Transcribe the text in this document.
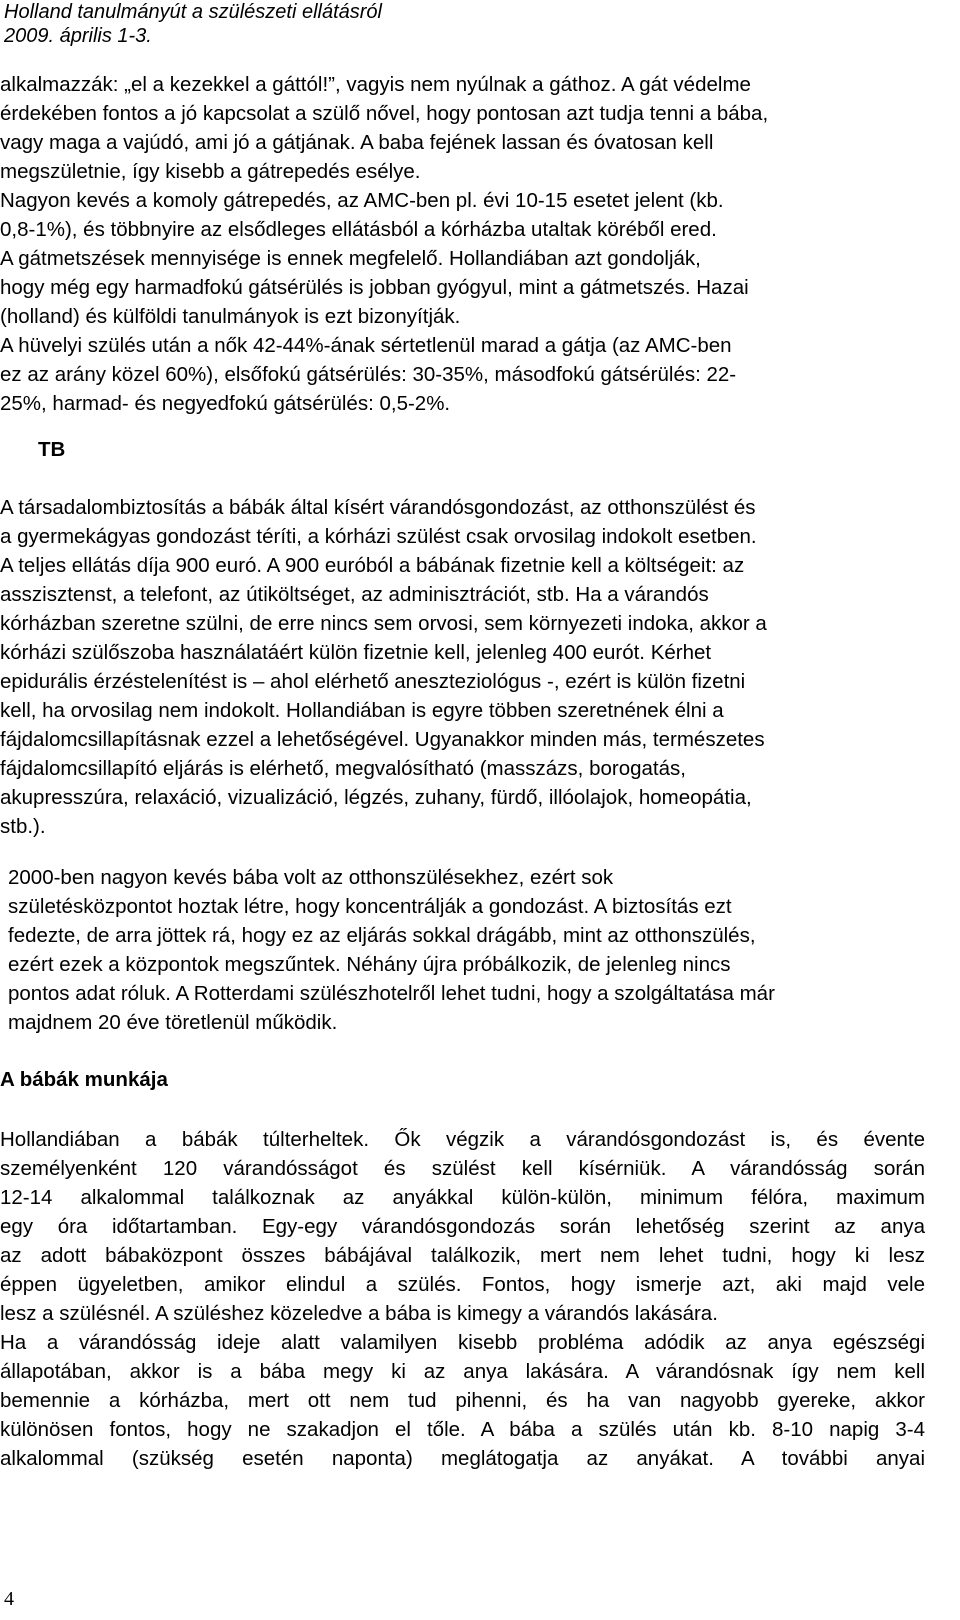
Holland tanulmányút a szülészeti ellátásról
2009. április 1-3.
alkalmazzák: „el a kezekkel a gáttól!”, vagyis nem nyúlnak a gáthoz. A gát védelme
érdekében fontos a jó kapcsolat a szülő nővel, hogy pontosan azt tudja tenni a bába,
vagy maga a vajúdó, ami jó a gátjának. A baba fejének lassan és óvatosan kell
megszületnie, így kisebb a gátrepedés esélye.
Nagyon kevés a komoly gátrepedés, az AMC-ben pl. évi 10-15 esetet jelent (kb.
0,8-1%), és többnyire az elsődleges ellátásból a kórházba utaltak köréből ered.
A gátmetszések mennyisége is ennek megfelelő. Hollandiában azt gondolják,
hogy még egy harmadfokú gátsérülés is jobban gyógyul, mint a gátmetszés. Hazai
(holland) és külföldi tanulmányok is ezt bizonyítják.
A hüvelyi szülés után a nők 42-44%-ának sértetlenül marad a gátja (az AMC-ben
ez az arány közel 60%), elsőfokú gátsérülés: 30-35%, másodfokú gátsérülés: 22-
25%, harmad- és negyedfokú gátsérülés: 0,5-2%.
TB
A társadalombiztosítás a bábák által kísért várandósgondozást, az otthonszülést és
a gyermekágyas gondozást téríti, a kórházi szülést csak orvosilag indokolt esetben.
A teljes ellátás díja 900 euró. A 900 euróból a bábának fizetnie kell a költségeit: az
asszisztenst, a telefont, az útiköltséget, az adminisztrációt, stb. Ha a várandós
kórházban szeretne szülni, de erre nincs sem orvosi, sem környezeti indoka, akkor a
kórházi szülőszoba használatáért külön fizetnie kell, jelenleg 400 eurót. Kérhet
epidurális érzéstelenítést is – ahol elérhető aneszteziológus -, ezért is külön fizetni
kell, ha orvosilag nem indokolt. Hollandiában is egyre többen szeretnének élni a
fájdalomcsillapításnak ezzel a lehetőségével. Ugyanakkor minden más, természetes
fájdalomcsillapító eljárás is elérhető, megvalósítható (masszázs, borogatás,
akupresszúra, relaxáció, vizualizáció, légzés, zuhany, fürdő, illóolajok, homeopátia,
stb.).
2000-ben nagyon kevés bába volt az otthonszülésekhez, ezért sok
születésközpontot hoztak létre, hogy koncentrálják a gondozást. A biztosítás ezt
fedezte, de arra jöttek rá, hogy ez az eljárás sokkal drágább, mint az otthonszülés,
ezért ezek a központok megszűntek. Néhány újra próbálkozik, de jelenleg nincs
pontos adat róluk. A Rotterdami szülészhotelről lehet tudni, hogy a szolgáltatása már
majdnem 20 éve töretlenül működik.
A bábák munkája
Hollandiában a bábák túlterheltek. Ők végzik a várandósgondozást is, és évente
személyenként 120 várandósságot és szülést kell kísérniük. A várandósság során
12-14 alkalommal találkoznak az anyákkal külön-külön, minimum félóra, maximum
egy óra időtartamban. Egy-egy várandósgondozás során lehetőség szerint az anya
az adott bábaközpont összes bábájával találkozik, mert nem lehet tudni, hogy ki lesz
éppen ügyeletben, amikor elindul a szülés. Fontos, hogy ismerje azt, aki majd vele
lesz a szülésnél. A szüléshez közeledve a bába is kimegy a várandós lakására.
Ha a várandósság ideje alatt valamilyen kisebb probléma adódik az anya egészségi
állapotában, akkor is a bába megy ki az anya lakására. A várandósnak így nem kell
bemennie a kórházba, mert ott nem tud pihenni, és ha van nagyobb gyereke, akkor
különösen fontos, hogy ne szakadjon el tőle. A bába a szülés után kb. 8-10 napig 3-4
alkalommal (szükség esetén naponta) meglátogatja az anyákat. A további anyai
4
